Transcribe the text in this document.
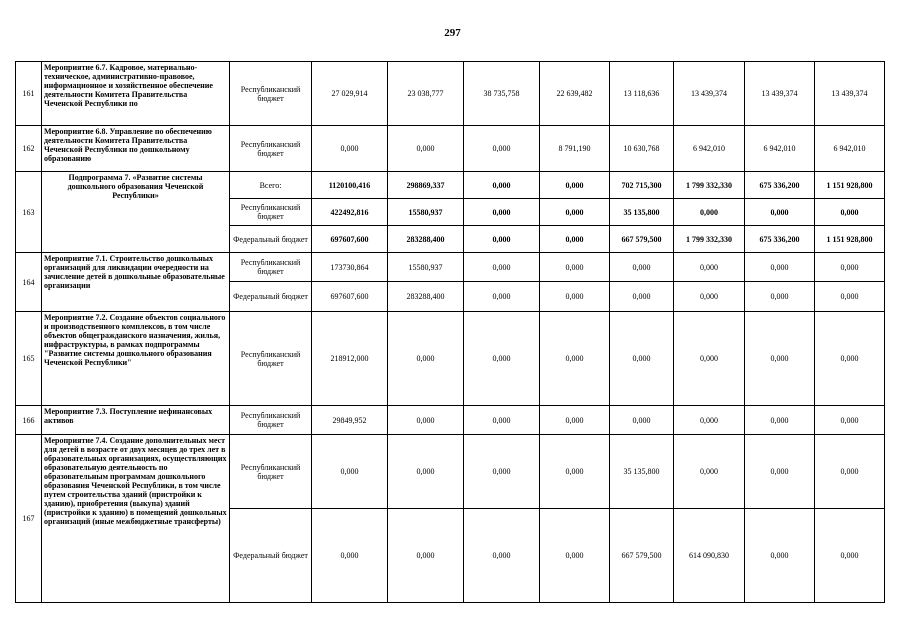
297
161	Мероприятие 6.7. Кадровое, материально-техническое, административно-правовое, информационное и хозяйственное обеспечение деятельности Комитета Правительства Чеченской Республики по	Республиканский бюджет	27 029,914	23 038,777	38 735,758	22 639,482	13 118,636	13 439,374	13 439,374	13 439,374
162	Мероприятие 6.8. Управление по обеспечению деятельности Комитета Правительства Чеченской Республики по дошкольному образованию	Республиканский бюджет	0,000	0,000	0,000	8 791,190	10 630,768	6 942,010	6 942,010	6 942,010
163	Подпрограмма 7. «Развитие системы дошкольного образования Чеченской Республики»	Всего:	1120100,416	298869,337	0,000	0,000	702 715,300	1 799 332,330	675 336,200	1 151 928,800
		Республиканский бюджет	422492,816	15580,937	0,000	0,000	35 135,800	0,000	0,000	0,000
		Федеральный бюджет	697607,600	283288,400	0,000	0,000	667 579,500	1 799 332,330	675 336,200	1 151 928,800
164	Мероприятие 7.1. Строительство дошкольных организаций для ликвидации очередности на зачисление детей в дошкольные образовательные организации	Республиканский бюджет	173730,864	15580,937	0,000	0,000	0,000	0,000	0,000	0,000
		Федеральный бюджет	697607,600	283288,400	0,000	0,000	0,000	0,000	0,000	0,000
165	Мероприятие 7.2. Создание объектов социального и производственного комплексов, в том числе объектов общегражданского назначения, жилья, инфраструктуры, в рамках подпрограммы "Развитие системы дошкольного образования Чеченской Республики"	Республиканский бюджет	218912,000	0,000	0,000	0,000	0,000	0,000	0,000	0,000
166	Мероприятие 7.3. Поступление нефинансовых активов	Республиканский бюджет	29849,952	0,000	0,000	0,000	0,000	0,000	0,000	0,000
167	Мероприятие 7.4. Создание дополнительных мест для детей в возрасте от двух месяцев до трех лет в образовательных организациях, осуществляющих образовательную деятельность по образовательным программам дошкольного образования Чеченской Республики, в том числе путем строительства зданий (пристройки к зданию), приобретения (выкупа) зданий (пристройки к зданию) в помещений дошкольных организаций (иные межбюджетные трансферты)	Республиканский бюджет	0,000	0,000	0,000	0,000	35 135,800	0,000	0,000	0,000
		Федеральный бюджет	0,000	0,000	0,000	0,000	667 579,500	614 090,830	0,000	0,000
